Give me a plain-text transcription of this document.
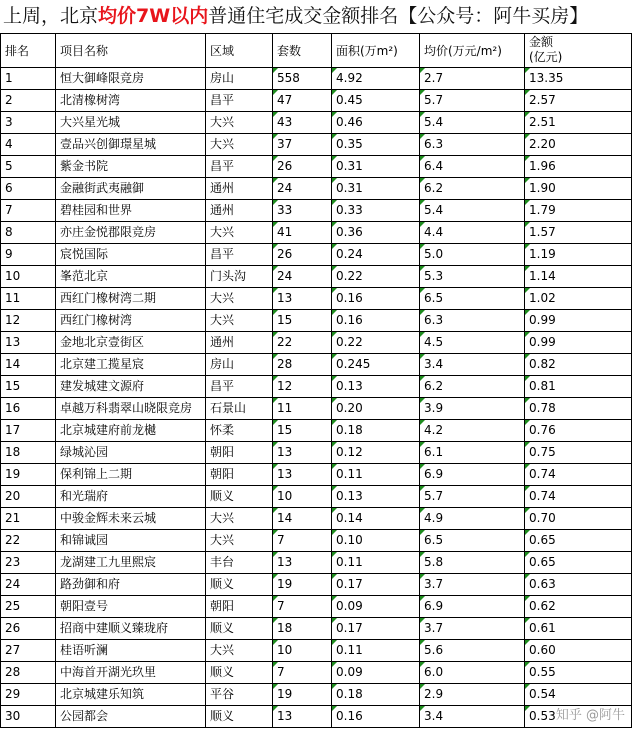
上周，北京均价7W以内普通住宅成交金额排名【公众号：阿牛买房】
排名	项目名称	区域	套数	面积(万m²)	均价(万元/m²)	金额
(亿元)
1	恒大御峰限竞房	房山	558	4.92	2.7	13.35
2	北清橡树湾	昌平	47	0.45	5.7	2.57
3	大兴星光城	大兴	43	0.46	5.4	2.51
4	壹品兴创御璟星城	大兴	37	0.35	6.3	2.20
5	紫金书院	昌平	26	0.31	6.4	1.96
6	金融街武夷融御	通州	24	0.31	6.2	1.90
7	碧桂园和世界	通州	33	0.33	5.4	1.79
8	亦庄金悦郡限竞房	大兴	41	0.36	4.4	1.57
9	宸悦国际	昌平	26	0.24	5.0	1.19
10	峯范北京	门头沟	24	0.22	5.3	1.14
11	西红门橡树湾二期	大兴	13	0.16	6.5	1.02
12	西红门橡树湾	大兴	15	0.16	6.3	0.99
13	金地北京壹街区	通州	22	0.22	4.5	0.99
14	北京建工揽星宸	房山	28	0.245	3.4	0.82
15	建发城建文源府	昌平	12	0.13	6.2	0.81
16	卓越万科翡翠山晓限竞房	石景山	11	0.20	3.9	0.78
17	北京城建府前龙樾	怀柔	15	0.18	4.2	0.76
18	绿城沁园	朝阳	13	0.12	6.1	0.75
19	保利锦上二期	朝阳	13	0.11	6.9	0.74
20	和光瑞府	顺义	10	0.13	5.7	0.74
21	中骏金辉未来云城	大兴	14	0.14	4.9	0.70
22	和锦诚园	大兴	7	0.10	6.5	0.65
23	龙湖建工九里熙宸	丰台	13	0.11	5.8	0.65
24	路劲御和府	顺义	19	0.17	3.7	0.63
25	朝阳壹号	朝阳	7	0.09	6.9	0.62
26	招商中建顺义臻珑府	顺义	18	0.17	3.7	0.61
27	桂语听澜	大兴	10	0.11	5.6	0.60
28	中海首开湖光玖里	顺义	7	0.09	6.0	0.55
29	北京城建乐知筑	平谷	19	0.18	2.9	0.54
30	公园都会	顺义	13	0.16	3.4	0.53 知乎 @阿牛
